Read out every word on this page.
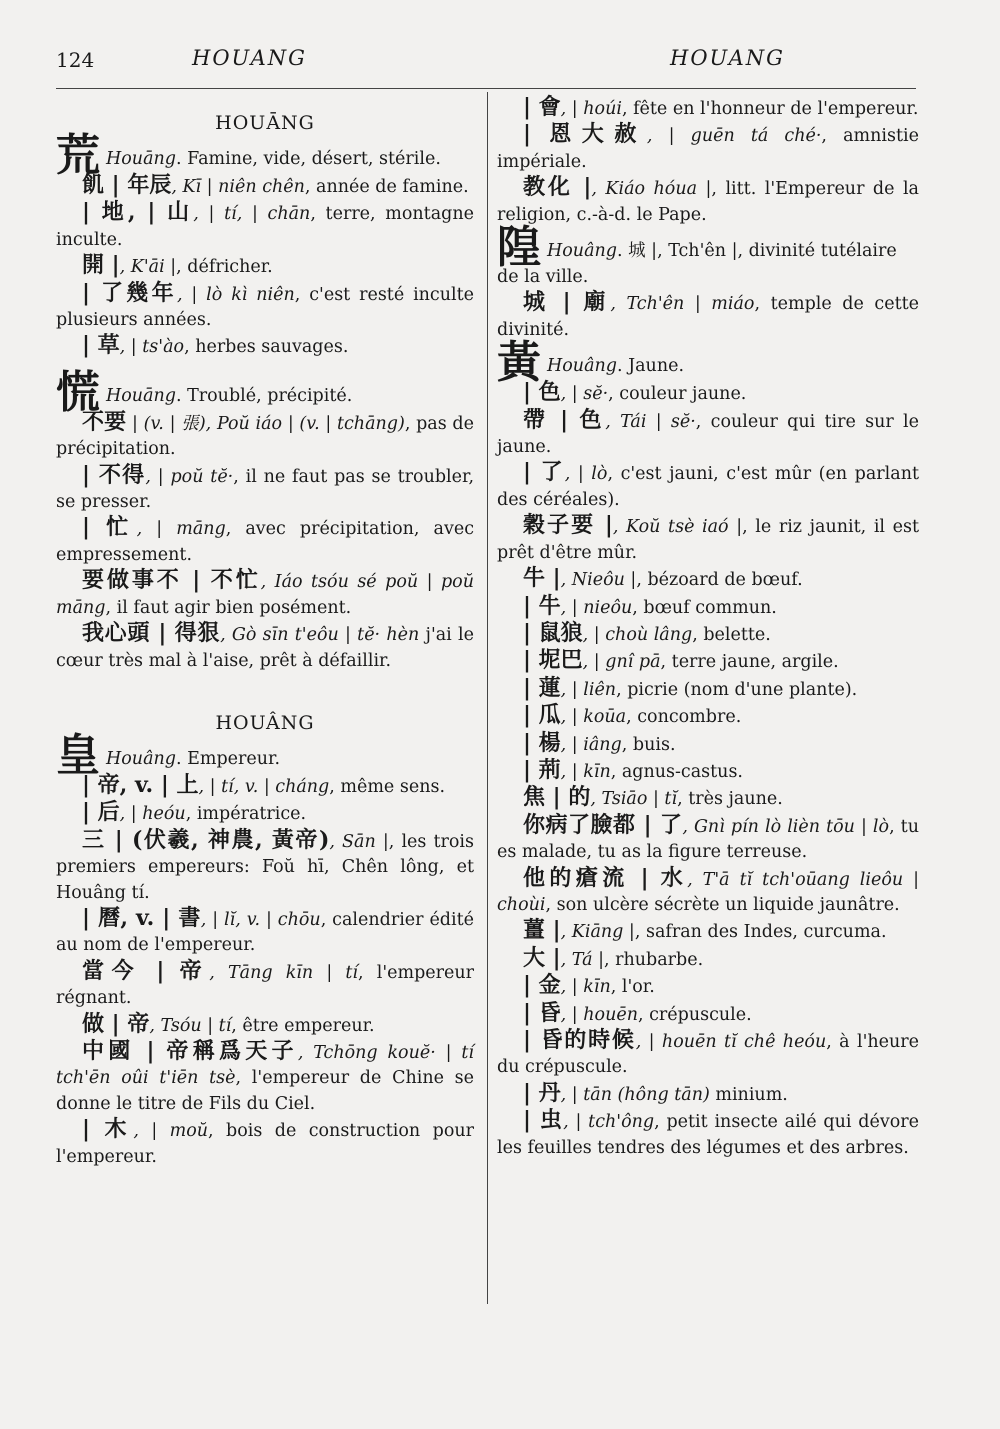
124	HOUANG	HOUANG
HOUĀNG

荒 Houāng. Famine, vide, désert, stérile.

飢 | 年辰, Kī | niên chên, année de famine.

| 地, | 山, | tí, | chān, terre, montagne inculte.

開 |, K'āi |, défricher.

| 了幾年, | lò kì niên, c'est resté inculte plusieurs années.

| 草, | ts'ào, herbes sauvages.

慌 Houāng. Troublé, précipité.

不要 | (v. | 張), Poŭ iáo | (v. | tchāng), pas de précipitation.

| 不得, | poŭ tĕ·, il ne faut pas se troubler, se presser.

| 忙, | māng, avec précipitation, avec empressement.

要做事不 | 不忙, Iáo tsóu sé poŭ | poŭ māng, il faut agir bien posément.

我心頭 | 得狠, Gò sīn t'eôu | tĕ· hèn j'ai le cœur très mal à l'aise, prêt à défaillir.

HOUÂNG

皇 Houâng. Empereur.

| 帝, v. | 上, | tí, v. | cháng, même sens.

| 后, | heóu, impératrice.

三 | (伏羲, 神農, 黃帝), Sān |, les trois premiers empereurs: Foŭ hī, Chên lông, et Houâng tí.

| 曆, v. | 書, | lĭ, v. | chōu, calendrier édité au nom de l'empereur.

當今 | 帝, Tāng kīn | tí, l'empereur régnant.

做 | 帝, Tsóu | tí, être empereur.

中國 | 帝稱爲天子, Tchōng kouĕ· | tí tch'ēn oûi t'iēn tsè, l'empereur de Chine se donne le titre de Fils du Ciel.

| 木, | moŭ, bois de construction pour l'empereur.

| 會, | hoúi, fête en l'honneur de l'empereur.

| 恩大赦, | guēn tá ché·, amnistie impériale.

教化 |, Kiáo hóua |, litt. l'Empereur de la religion, c.-à-d. le Pape.

隍 Houâng. 城 |, Tch'ên |, divinité tutélaire de la ville.

城 | 廟, Tch'ên | miáo, temple de cette divinité.

黃 Houâng. Jaune.

| 色, | sĕ·, couleur jaune.

帶 | 色, Tái | sĕ·, couleur qui tire sur le jaune.

| 了, | lò, c'est jauni, c'est mûr (en parlant des céréales).

穀子要 |, Koŭ tsè iaó |, le riz jaunit, il est prêt d'être mûr.

牛 |, Nieôu |, bézoard de bœuf.

| 牛, | nieôu, bœuf commun.

| 鼠狼, | choù lâng, belette.

| 坭巴, | gnî pā, terre jaune, argile.

| 蓮, | liên, picrie (nom d'une plante).

| 瓜, | koūa, concombre.

| 楊, | iâng, buis.

| 荊, | kīn, agnus-castus.

焦 | 的, Tsiāo | tĭ, très jaune.

你病了臉都 | 了, Gnì pín lò lièn tōu | lò, tu es malade, tu as la figure terreuse.

他的瘡流 | 水, T'ā tĭ tch'oūang lieôu | choùi, son ulcère sécrète un liquide jaunâtre.

薑 |, Kiāng |, safran des Indes, curcuma.

大 |, Tá |, rhubarbe.

| 金, | kīn, l'or.

| 昏, | houēn, crépuscule.

| 昏的時候, | houēn tĭ chê heóu, à l'heure du crépuscule.

| 丹, | tān (hông tān) minium.

| 虫, | tch'ông, petit insecte ailé qui dévore les feuilles tendres des légumes et des arbres.
